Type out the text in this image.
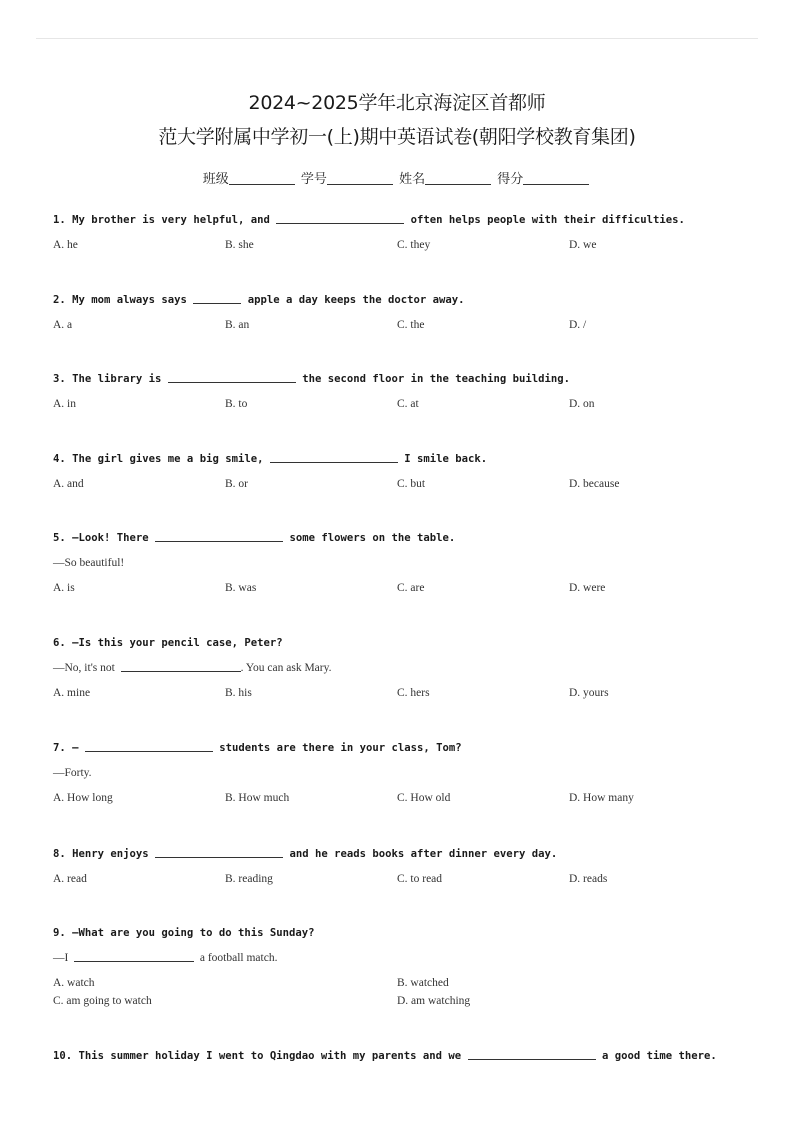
2024~2025学年北京海淀区首都师
范大学附属中学初一(上)期中英语试卷(朝阳学校教育集团)
班级	学号	姓名	得分
1. My brother is very helpful, and	often helps people with their difficulties.
A. he	B. she	C. they	D. we
2. My mom always says	apple a day keeps the doctor away.
A. a	B. an	C. the	D. /
3. The library is	the second floor in the teaching building.
A. in	B. to	C. at	D. on
4. The girl gives me a big smile,	I smile back.
A. and	B. or	C. but	D. because
5. —Look! There	some flowers on the table.
—So beautiful!
A. is	B. was	C. are	D. were
6. —Is this your pencil case, Peter?
—No, it's not	. You can ask Mary.
A. mine	B. his	C. hers	D. yours
7. —	students are there in your class, Tom?
—Forty.
A. How long	B. How much	C. How old	D. How many
8. Henry enjoys	and he reads books after dinner every day.
A. read	B. reading	C. to read	D. reads
9. —What are you going to do this Sunday?
—I	a football match.
A. watch	B. watched
C. am going to watch	D. am watching
10. This summer holiday I went to Qingdao with my parents and we	a good time there.
